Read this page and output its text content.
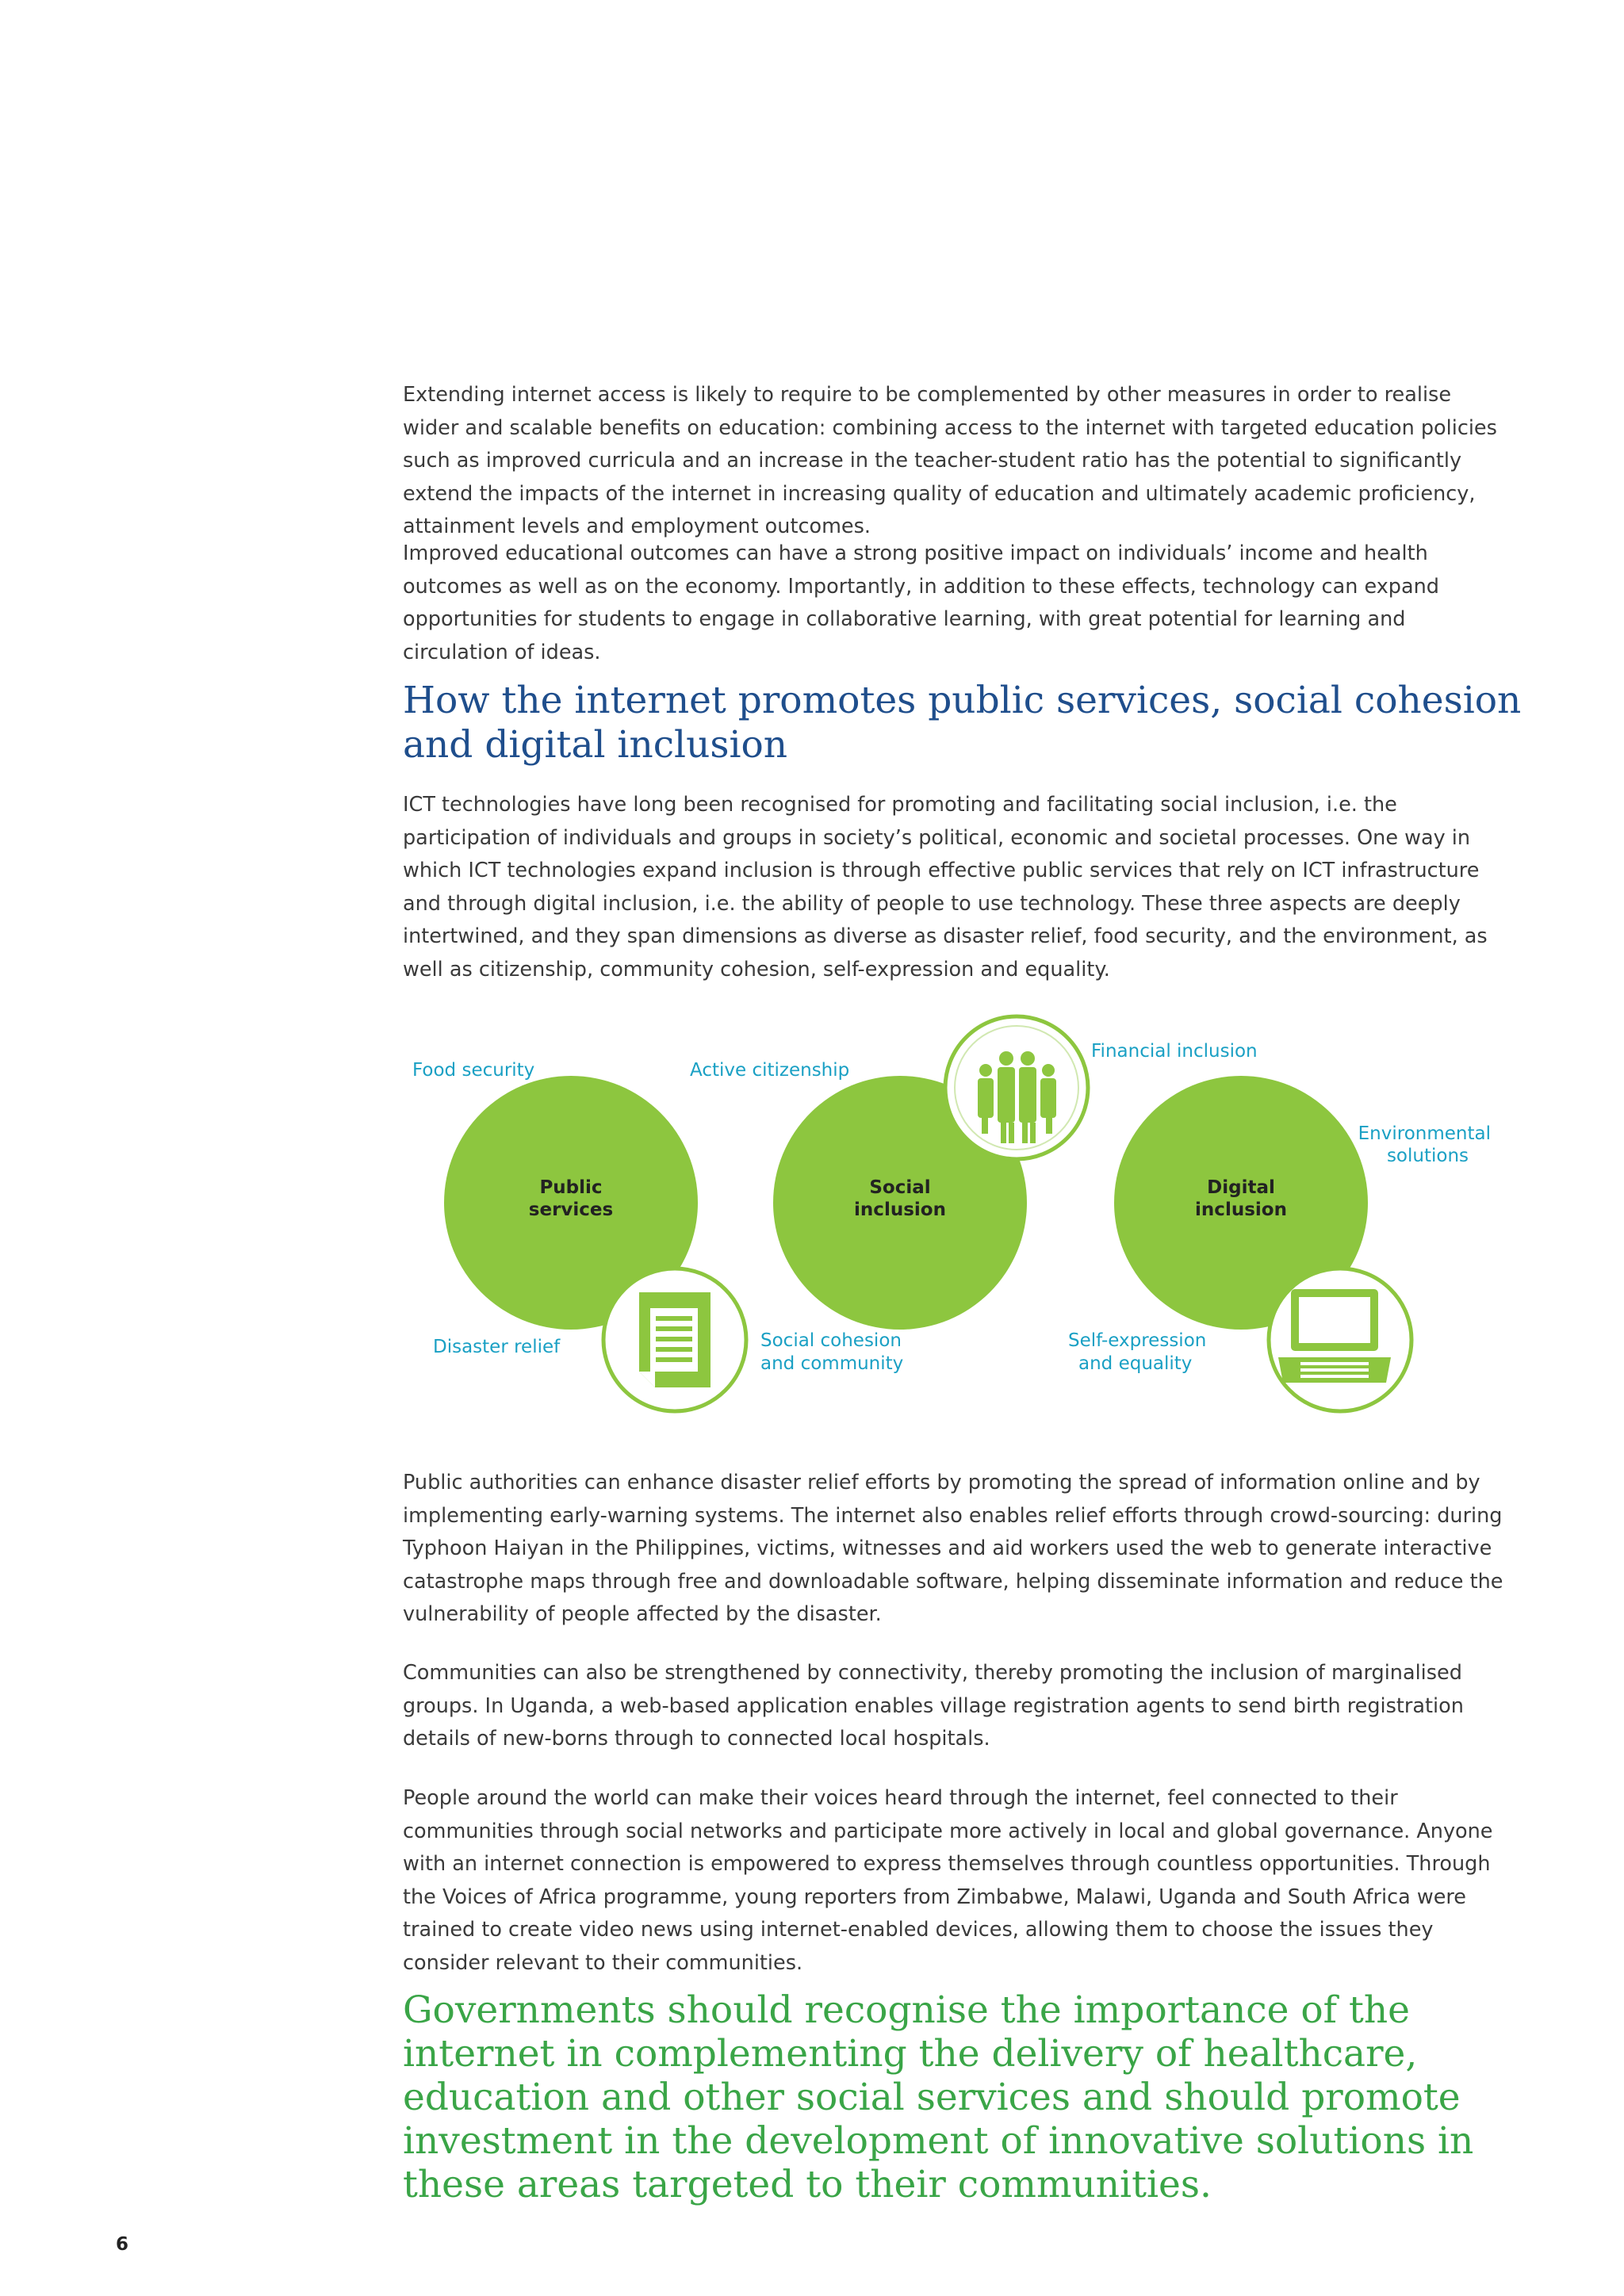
Extending internet access is likely to require to be complemented by other measures in order to realise wider and scalable benefits on education: combining access to the internet with targeted education policies such as improved curricula and an increase in the teacher-student ratio has the potential to significantly extend the impacts of the internet in increasing quality of education and ultimately academic proficiency, attainment levels and employment outcomes.

Improved educational outcomes can have a strong positive impact on individuals’ income and health outcomes as well as on the economy. Importantly, in addition to these effects, technology can expand opportunities for students to engage in collaborative learning, with great potential for learning and circulation of ideas.

How the internet promotes public services, social cohesion and digital inclusion

ICT technologies have long been recognised for promoting and facilitating social inclusion, i.e. the participation of individuals and groups in society’s political, economic and societal processes. One way in which ICT technologies expand inclusion is through effective public services that rely on ICT infrastructure and through digital inclusion, i.e. the ability of people to use technology. These three aspects are deeply intertwined, and they span dimensions as diverse as disaster relief, food security, and the environment, as well as citizenship, community cohesion, self-expression and equality.

Public
services
Social
inclusion
Digital
inclusion
Food security	Active citizenship
Financial inclusion
Environmental
solutions
Disaster relief	Social cohesion
and community
Self-expression
and equality

Public authorities can enhance disaster relief efforts by promoting the spread of information online and by implementing early-warning systems. The internet also enables relief efforts through crowd-sourcing: during Typhoon Haiyan in the Philippines, victims, witnesses and aid workers used the web to generate interactive catastrophe maps through free and downloadable software, helping disseminate information and reduce the vulnerability of people affected by the disaster.

Communities can also be strengthened by connectivity, thereby promoting the inclusion of marginalised groups. In Uganda, a web-based application enables village registration agents to send birth registration details of new-borns through to connected local hospitals.

People around the world can make their voices heard through the internet, feel connected to their communities through social networks and participate more actively in local and global governance. Anyone with an internet connection is empowered to express themselves through countless opportunities. Through the Voices of Africa programme, young reporters from Zimbabwe, Malawi, Uganda and South Africa were trained to create video news using internet-enabled devices, allowing them to choose the issues they consider relevant to their communities.

Governments should recognise the importance of the internet in complementing the delivery of healthcare, education and other social services and should promote investment in the development of innovative solutions in these areas targeted to their communities.

6
